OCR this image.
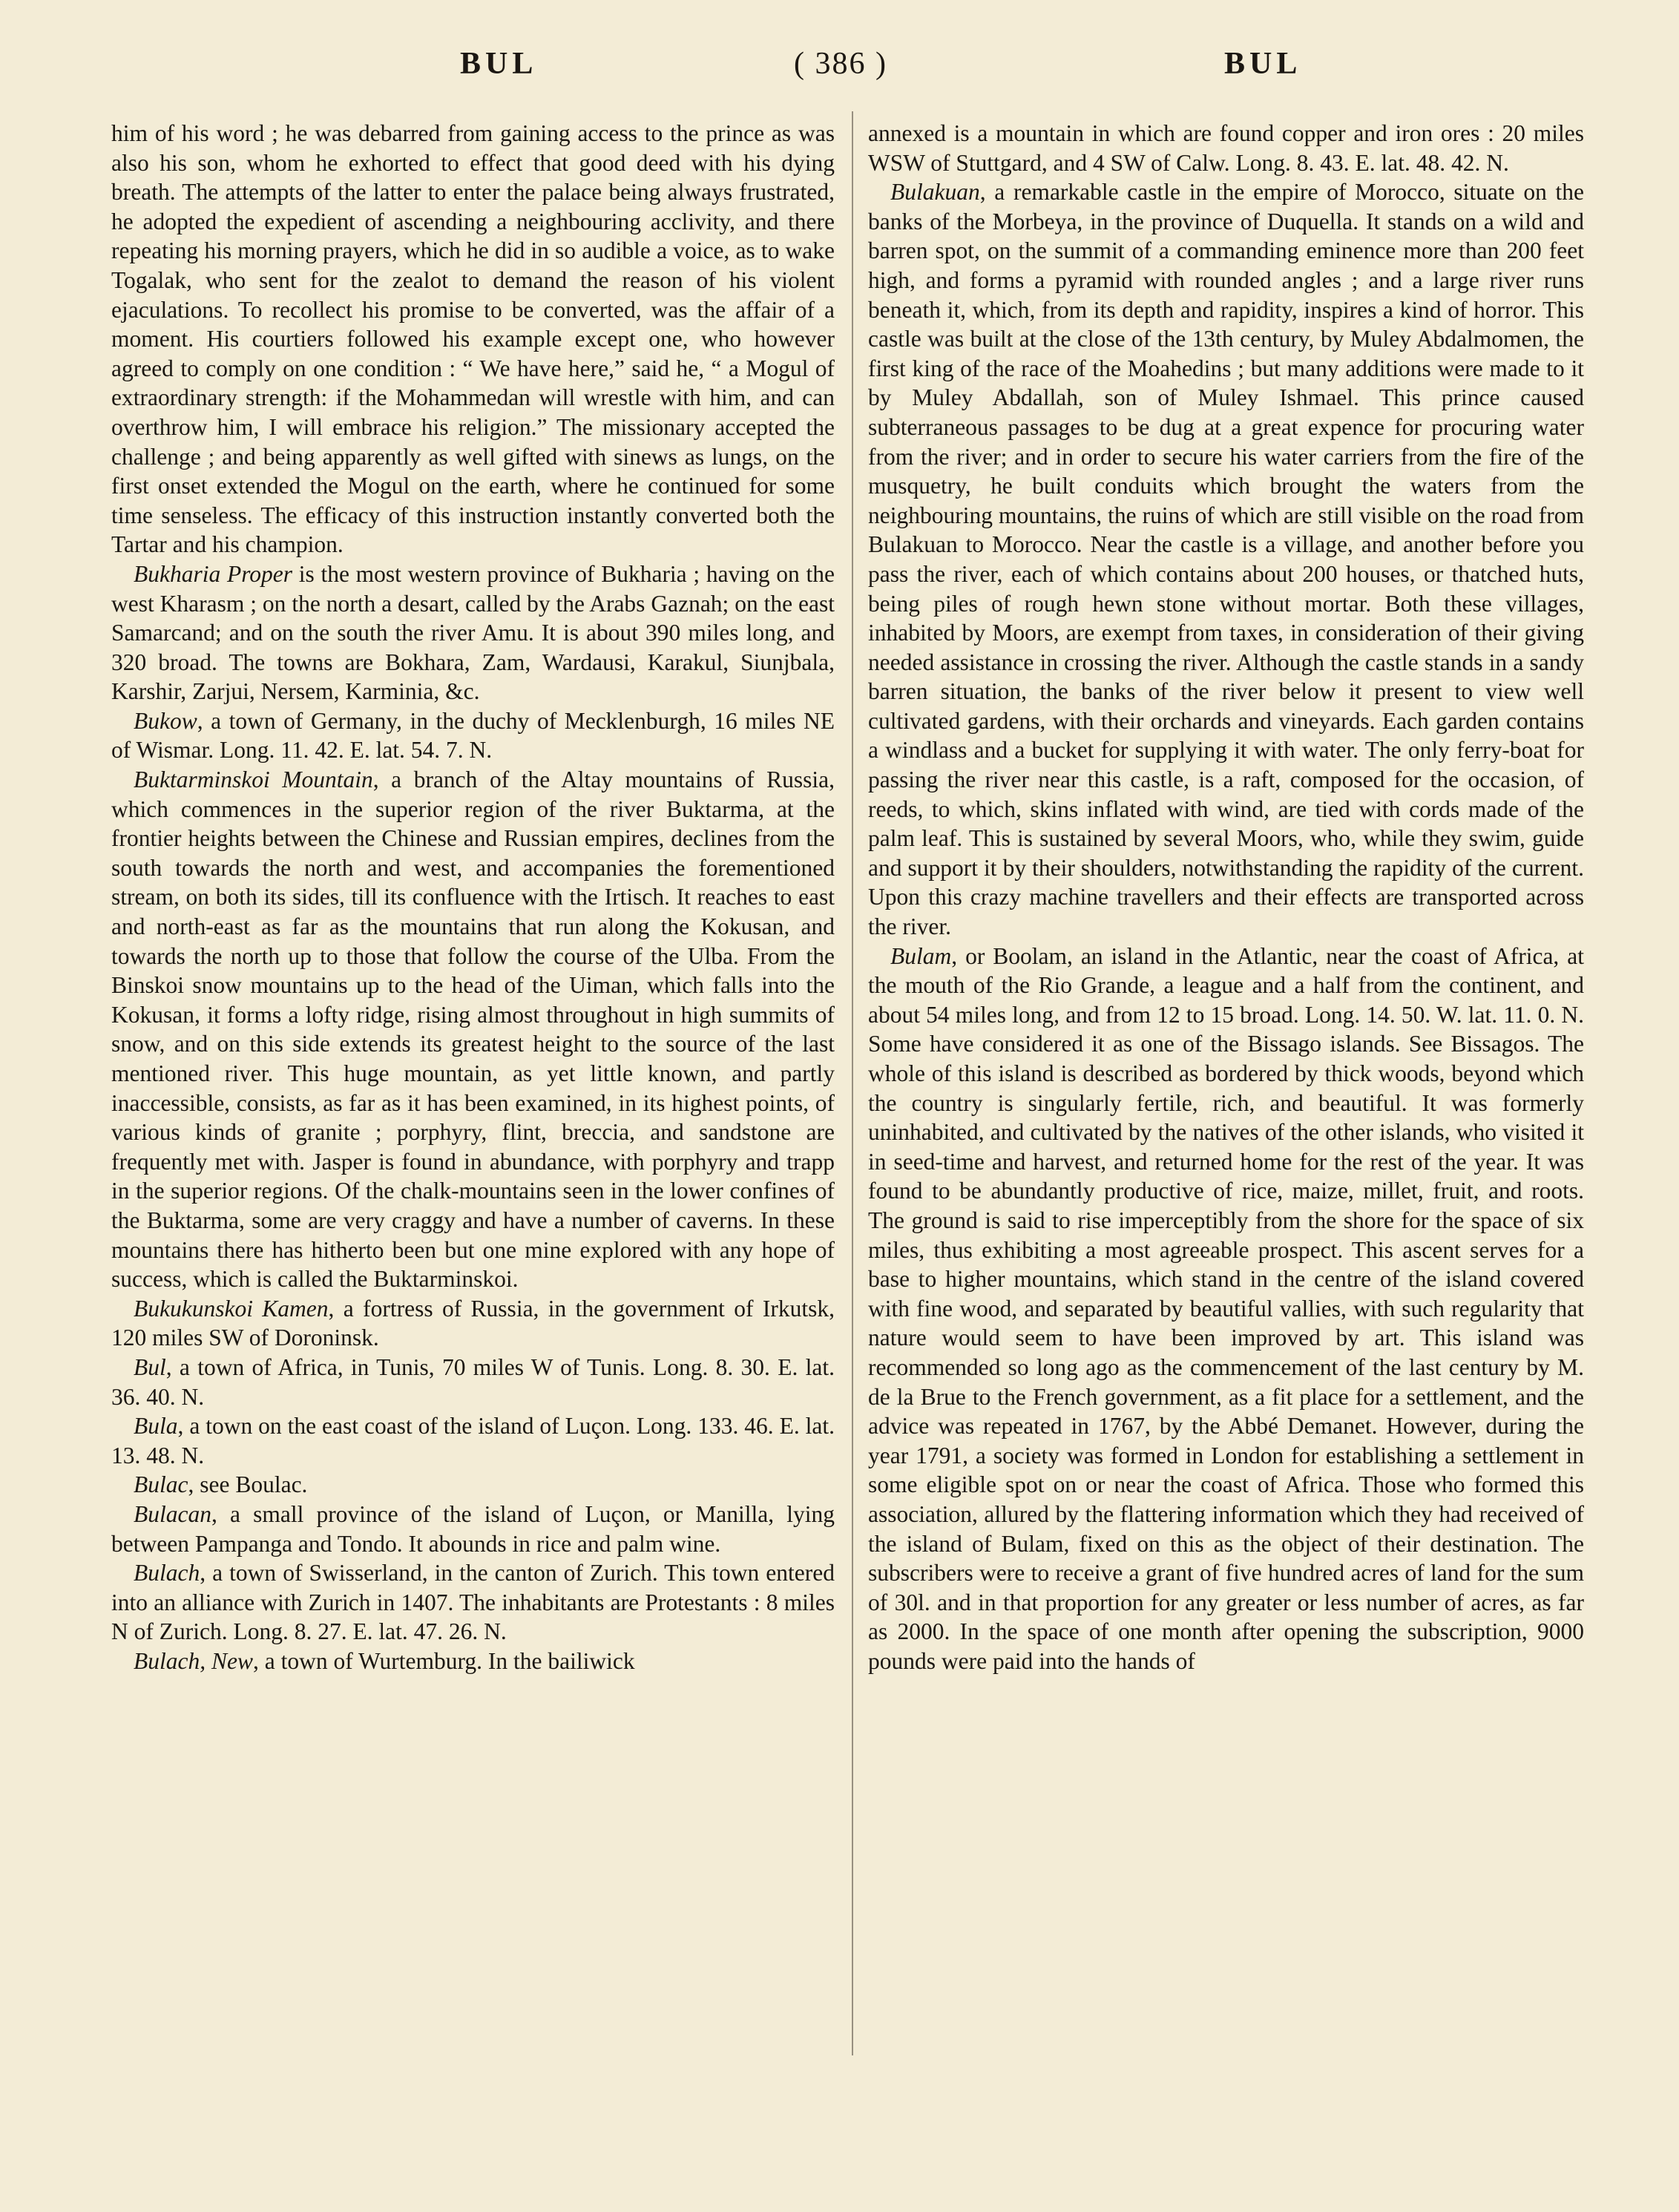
BUL	( 386 )	BUL

him of his word ; he was debarred from gaining access to the prince as was also his son, whom he exhorted to effect that good deed with his dying breath. The attempts of the latter to enter the palace being always frustrated, he adopted the expedient of ascending a neighbouring acclivity, and there repeating his morning prayers, which he did in so audible a voice, as to wake Togalak, who sent for the zealot to demand the reason of his violent ejaculations. To recollect his promise to be converted, was the affair of a moment. His courtiers followed his example except one, who however agreed to comply on one condition : “ We have here,” said he, “ a Mogul of extraordinary strength: if the Mohammedan will wrestle with him, and can overthrow him, I will embrace his religion.” The missionary accepted the challenge ; and being apparently as well gifted with sinews as lungs, on the first onset extended the Mogul on the earth, where he continued for some time senseless. The efficacy of this instruction instantly converted both the Tartar and his champion.

Bukharia Proper is the most western province of Bukharia ; having on the west Kharasm ; on the north a desart, called by the Arabs Gaznah; on the east Samarcand; and on the south the river Amu. It is about 390 miles long, and 320 broad. The towns are Bokhara, Zam, Wardausi, Karakul, Siunjbala, Karshir, Zarjui, Nersem, Karminia, &c.

Bukow, a town of Germany, in the duchy of Mecklenburgh, 16 miles NE of Wismar. Long. 11. 42. E. lat. 54. 7. N.

Buktarminskoi Mountain, a branch of the Altay mountains of Russia, which commences in the superior region of the river Buktarma, at the frontier heights between the Chinese and Russian empires, declines from the south towards the north and west, and accompanies the forementioned stream, on both its sides, till its confluence with the Irtisch. It reaches to east and north-east as far as the mountains that run along the Kokusan, and towards the north up to those that follow the course of the Ulba. From the Binskoi snow mountains up to the head of the Uiman, which falls into the Kokusan, it forms a lofty ridge, rising almost throughout in high summits of snow, and on this side extends its greatest height to the source of the last mentioned river. This huge mountain, as yet little known, and partly inaccessible, consists, as far as it has been examined, in its highest points, of various kinds of granite ; porphyry, flint, breccia, and sandstone are frequently met with. Jasper is found in abundance, with porphyry and trapp in the superior regions. Of the chalk-mountains seen in the lower confines of the Buktarma, some are very craggy and have a number of caverns. In these mountains there has hitherto been but one mine explored with any hope of success, which is called the Buktarminskoi.

Bukukunskoi Kamen, a fortress of Russia, in the government of Irkutsk, 120 miles SW of Doroninsk.

Bul, a town of Africa, in Tunis, 70 miles W of Tunis. Long. 8. 30. E. lat. 36. 40. N.

Bula, a town on the east coast of the island of Luçon. Long. 133. 46. E. lat. 13. 48. N.

Bulac, see Boulac.

Bulacan, a small province of the island of Luçon, or Manilla, lying between Pampanga and Tondo. It abounds in rice and palm wine.

Bulach, a town of Swisserland, in the canton of Zurich. This town entered into an alliance with Zurich in 1407. The inhabitants are Protestants : 8 miles N of Zurich. Long. 8. 27. E. lat. 47. 26. N.

Bulach, New, a town of Wurtemburg. In the bailiwick

annexed is a mountain in which are found copper and iron ores : 20 miles WSW of Stuttgard, and 4 SW of Calw. Long. 8. 43. E. lat. 48. 42. N.

Bulakuan, a remarkable castle in the empire of Morocco, situate on the banks of the Morbeya, in the province of Duquella. It stands on a wild and barren spot, on the summit of a commanding eminence more than 200 feet high, and forms a pyramid with rounded angles ; and a large river runs beneath it, which, from its depth and rapidity, inspires a kind of horror. This castle was built at the close of the 13th century, by Muley Abdalmomen, the first king of the race of the Moahedins ; but many additions were made to it by Muley Abdallah, son of Muley Ishmael. This prince caused subterraneous passages to be dug at a great expence for procuring water from the river; and in order to secure his water carriers from the fire of the musquetry, he built conduits which brought the waters from the neighbouring mountains, the ruins of which are still visible on the road from Bulakuan to Morocco. Near the castle is a village, and another before you pass the river, each of which contains about 200 houses, or thatched huts, being piles of rough hewn stone without mortar. Both these villages, inhabited by Moors, are exempt from taxes, in consideration of their giving needed assistance in crossing the river. Although the castle stands in a sandy barren situation, the banks of the river below it present to view well cultivated gardens, with their orchards and vineyards. Each garden contains a windlass and a bucket for supplying it with water. The only ferry-boat for passing the river near this castle, is a raft, composed for the occasion, of reeds, to which, skins inflated with wind, are tied with cords made of the palm leaf. This is sustained by several Moors, who, while they swim, guide and support it by their shoulders, notwithstanding the rapidity of the current. Upon this crazy machine travellers and their effects are transported across the river.

Bulam, or Boolam, an island in the Atlantic, near the coast of Africa, at the mouth of the Rio Grande, a league and a half from the continent, and about 54 miles long, and from 12 to 15 broad. Long. 14. 50. W. lat. 11. 0. N. Some have considered it as one of the Bissago islands. See Bissagos. The whole of this island is described as bordered by thick woods, beyond which the country is singularly fertile, rich, and beautiful. It was formerly uninhabited, and cultivated by the natives of the other islands, who visited it in seed-time and harvest, and returned home for the rest of the year. It was found to be abundantly productive of rice, maize, millet, fruit, and roots. The ground is said to rise imperceptibly from the shore for the space of six miles, thus exhibiting a most agreeable prospect. This ascent serves for a base to higher mountains, which stand in the centre of the island covered with fine wood, and separated by beautiful vallies, with such regularity that nature would seem to have been improved by art. This island was recommended so long ago as the commencement of the last century by M. de la Brue to the French government, as a fit place for a settlement, and the advice was repeated in 1767, by the Abbé Demanet. However, during the year 1791, a society was formed in London for establishing a settlement in some eligible spot on or near the coast of Africa. Those who formed this association, allured by the flattering information which they had received of the island of Bulam, fixed on this as the object of their destination. The subscribers were to receive a grant of five hundred acres of land for the sum of 30l. and in that proportion for any greater or less number of acres, as far as 2000. In the space of one month after opening the subscription, 9000 pounds were paid into the hands of
